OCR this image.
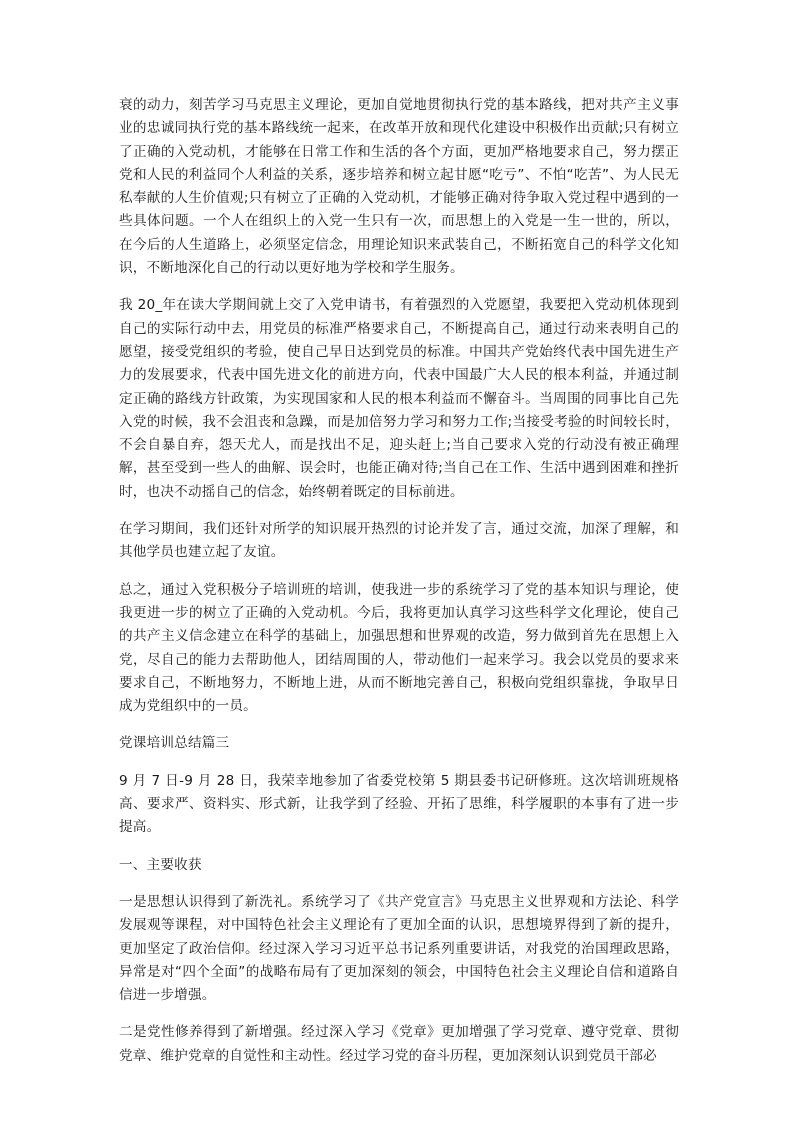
衰的动力，刻苦学习马克思主义理论，更加自觉地贯彻执行党的基本路线，把对共产主义事业的忠诚同执行党的基本路线统一起来，在改革开放和现代化建设中积极作出贡献;只有树立了正确的入党动机，才能够在日常工作和生活的各个方面，更加严格地要求自己，努力摆正党和人民的利益同个人利益的关系，逐步培养和树立起甘愿“吃亏”、不怕“吃苦”、为人民无私奉献的人生价值观;只有树立了正确的入党动机，才能够正确对待争取入党过程中遇到的一些具体问题。一个人在组织上的入党一生只有一次，而思想上的入党是一生一世的，所以，在今后的人生道路上，必须坚定信念，用理论知识来武装自己，不断拓宽自己的科学文化知识，不断地深化自己的行动以更好地为学校和学生服务。

我 20_年在读大学期间就上交了入党申请书，有着强烈的入党愿望，我要把入党动机体现到自己的实际行动中去，用党员的标准严格要求自己，不断提高自己，通过行动来表明自己的愿望，接受党组织的考验，使自己早日达到党员的标准。中国共产党始终代表中国先进生产力的发展要求，代表中国先进文化的前进方向，代表中国最广大人民的根本利益，并通过制定正确的路线方针政策，为实现国家和人民的根本利益而不懈奋斗。当周围的同事比自己先入党的时候，我不会沮丧和急躁，而是加倍努力学习和努力工作;当接受考验的时间较长时，不会自暴自弃，怨天尤人，而是找出不足，迎头赶上;当自己要求入党的行动没有被正确理解，甚至受到一些人的曲解、误会时，也能正确对待;当自己在工作、生活中遇到困难和挫折时，也决不动摇自己的信念，始终朝着既定的目标前进。

在学习期间，我们还针对所学的知识展开热烈的讨论并发了言，通过交流，加深了理解，和其他学员也建立起了友谊。

总之，通过入党积极分子培训班的培训，使我进一步的系统学习了党的基本知识与理论，使我更进一步的树立了正确的入党动机。今后，我将更加认真学习这些科学文化理论，使自己的共产主义信念建立在科学的基础上，加强思想和世界观的改造，努力做到首先在思想上入党，尽自己的能力去帮助他人，团结周围的人，带动他们一起来学习。我会以党员的要求来要求自己，不断地努力，不断地上进，从而不断地完善自己，积极向党组织靠拢，争取早日成为党组织中的一员。

党课培训总结篇三

9 月 7 日-9 月 28 日，我荣幸地参加了省委党校第 5 期县委书记研修班。这次培训班规格高、要求严、资料实、形式新，让我学到了经验、开拓了思维，科学履职的本事有了进一步提高。

一、主要收获

一是思想认识得到了新洗礼。系统学习了《共产党宣言》马克思主义世界观和方法论、科学发展观等课程，对中国特色社会主义理论有了更加全面的认识，思想境界得到了新的提升，更加坚定了政治信仰。经过深入学习习近平总书记系列重要讲话，对我党的治国理政思路，异常是对“四个全面”的战略布局有了更加深刻的领会，中国特色社会主义理论自信和道路自信进一步增强。

二是党性修养得到了新增强。经过深入学习《党章》更加增强了学习党章、遵守党章、贯彻党章、维护党章的自觉性和主动性。经过学习党的奋斗历程，更加深刻认识到党员干部必
